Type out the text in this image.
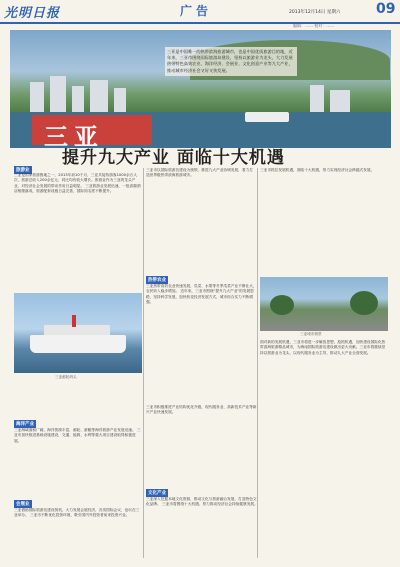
光明日报	广告	2013年12月14日 星期六	09
编辑：…… 校对：……
三亚是中国唯一的热带滨海旅游城市，也是中国优质旅游目的地，近年来，三亚市围绕国际旅游岛建设，坚持以旅游业为龙头，大力发展热带特色高效农业、海洋经济、会展业、文化创意产业等九大产业，推动城市经济社会又好又快发展。
三亚
提升九大产业 面临十大机遇
旅游业
三亚是国家旅游胜地之一，2013年前10个月，三亚共接待游客1000余万人次，旅游总收入200余亿元，同比均有较大增长。旅游业作为三亚的龙头产业，对经济社会发展的带动作用日益明显。 三亚旅游业发展迅速，一批高端酒店相继落成，旅游配套设施日益完善，国际知名度不断提升。
三亚市以国际旅游岛建设为统领，推进九大产业协调发展，着力打造世界级热带滨海旅游城市。
三亚市抓住发展机遇，面临十大机遇，努力实现经济社会跨越式发展。
三亚邮轮码头
热带农业
三亚热带高效农业快速发展，瓜菜、水果等冬季瓜菜产业不断壮大，农民收入稳步增加。 近年来，三亚市围绕"提升九大产业"的发展思路，坚持科学发展，加快转变经济发展方式，城市综合实力不断增强。
海洋产业
三亚海域面积广阔，海洋资源丰富，邮轮、游艇等海洋旅游产业发展迅速。 三亚市加快推进基础设施建设，交通、能源、水利等重大项目建设取得积极进展。
会展业
三亚借助国际旅游岛建设契机，大力发展会展经济，各类国际会议、论坛在三亚举办。 三亚市不断优化投资环境，吸引国内外投资者前来投资兴业。
三亚市积极推进产业结构优化升级，现代服务业、高新技术产业等新兴产业快速发展。
文化产业
三亚深入挖掘本地文化资源，推动文化与旅游融合发展，打造特色文化品牌。 三亚市将围绕十大机遇，努力推动经济社会持续健康发展。
三亚城市街景
面对新的发展机遇，三亚市将进一步解放思想，抢抓机遇，加快建设国际化热带滨海旅游精品城市，为海南国际旅游岛建设做出更大贡献。三亚市将继续坚持以旅游业为龙头，以现代服务业为主导，推动九大产业全面发展。
